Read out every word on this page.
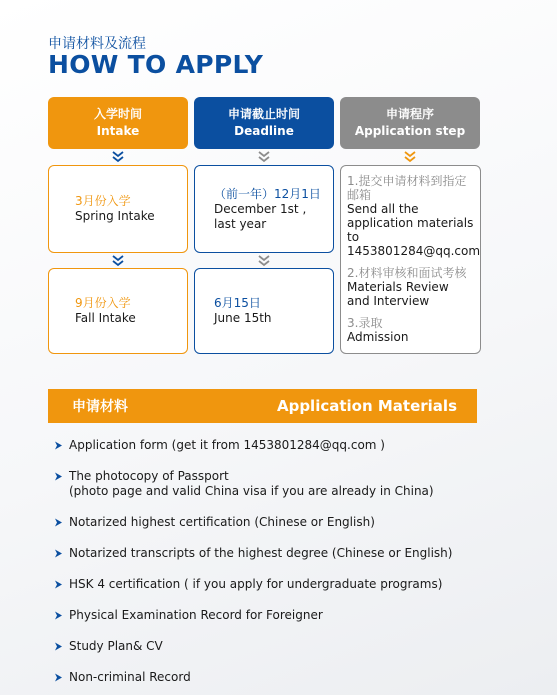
申请材料及流程
HOW TO APPLY
入学时间
Intake
申请截止时间
Deadline
申请程序
Application step
3月份入学
Spring Intake
（前一年）12月1日
December 1st ,
last year
9月份入学
Fall Intake
6月15日
June 15th
1.提交申请材料到指定邮箱
Send all the application materials to 1453801284@qq.com
2.材料审核和面试考核
Materials Review and Interview
3.录取
Admission
申请材料	Application Materials
Application form (get it from 1453801284@qq.com )
The photocopy of Passport
(photo page and valid China visa if you are already in China)
Notarized highest certification (Chinese or English)
Notarized transcripts of the highest degree (Chinese or English)
HSK 4 certification ( if you apply for undergraduate programs)
Physical Examination Record for Foreigner
Study Plan& CV
Non-criminal Record
